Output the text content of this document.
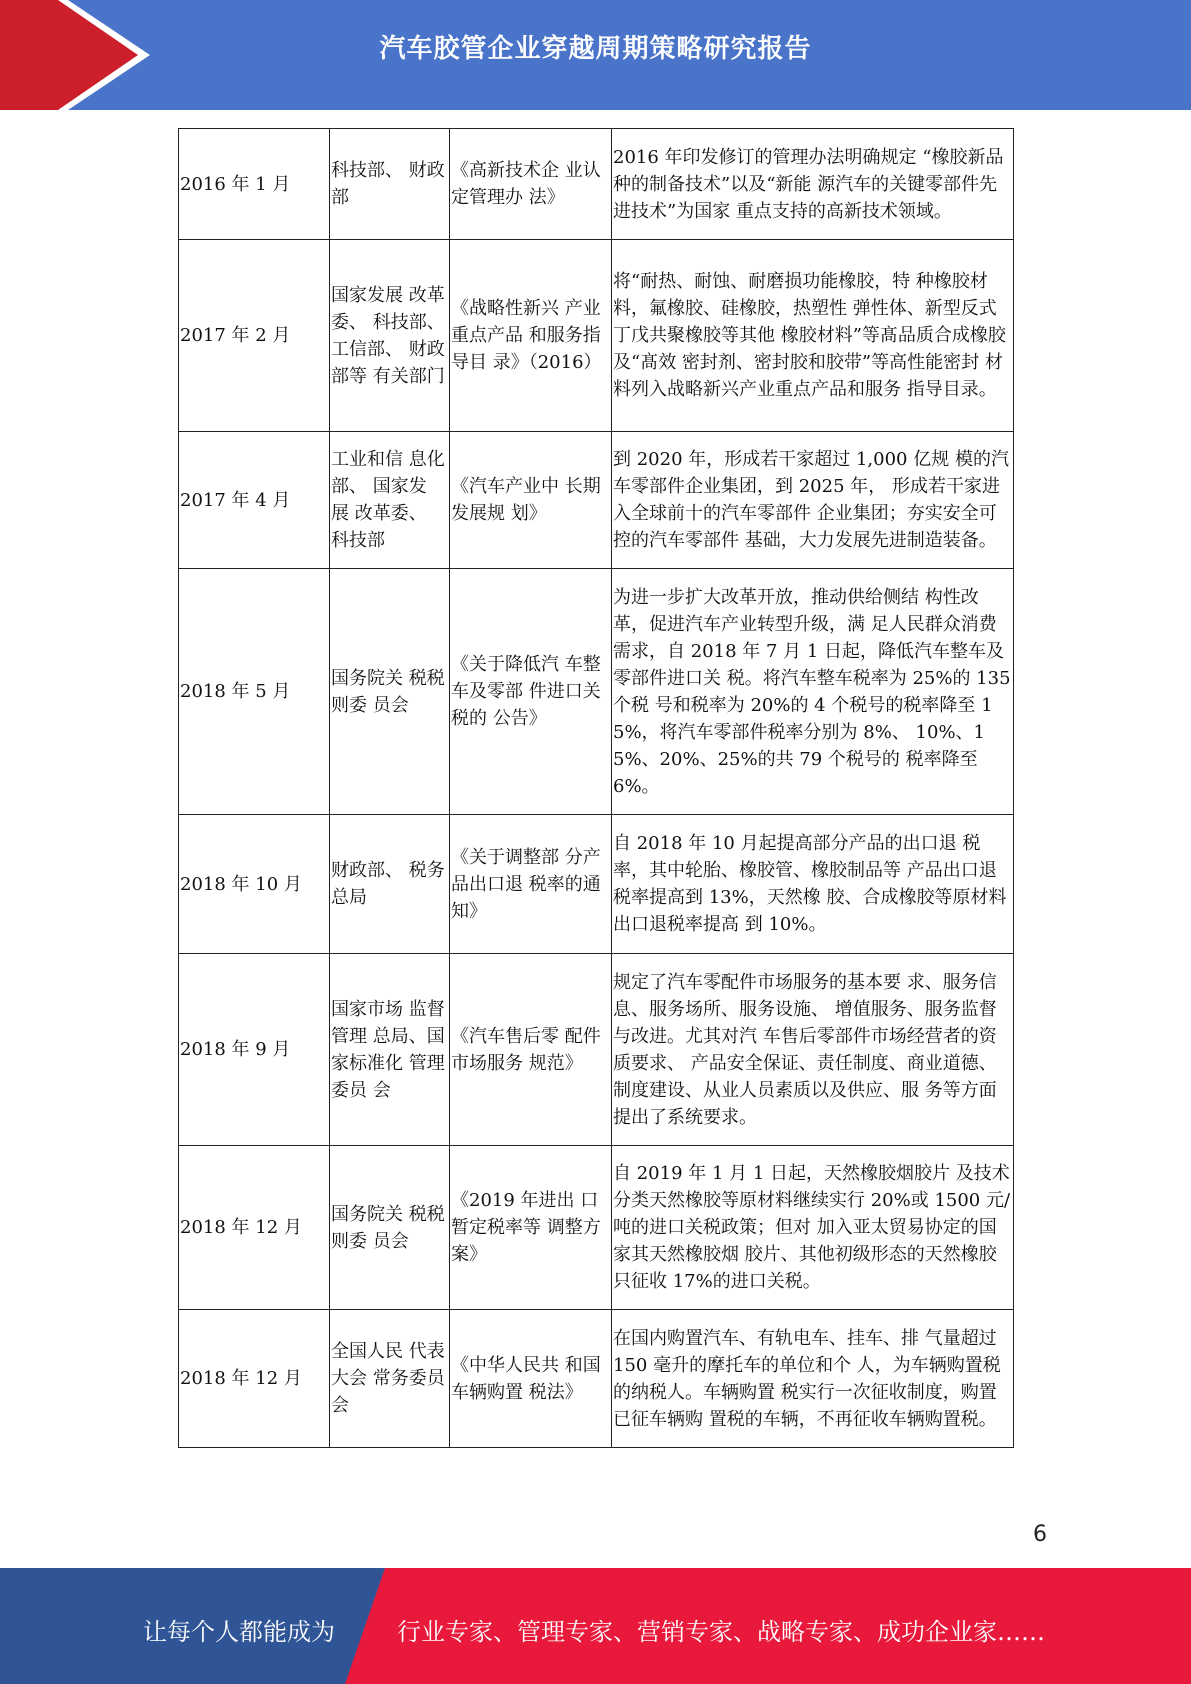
汽车胶管企业穿越周期策略研究报告
2016 年 1 月	科技部、 财政部	《高新技术企 业认定管理办 法》	2016 年印发修订的管理办法明确规定 “橡胶新品种的制备技术”以及“新能 源汽车的关键零部件先进技术”为国家 重点支持的高新技术领域。
2017 年 2 月	国家发展 改革委、 科技部、 工信部、 财政部等 有关部门	《战略性新兴 产业重点产品 和服务指导目 录》（2016）	将“耐热、耐蚀、耐磨损功能橡胶，特 种橡胶材料，氟橡胶、硅橡胶，热塑性 弹性体、新型反式丁戊共聚橡胶等其他 橡胶材料”等髙品质合成橡胶及“髙效 密封剂、密封胶和胶带”等高性能密封 材料列入战略新兴产业重点产品和服务 指导目录。
2017 年 4 月	工业和信 息化部、 国家发 展 改革委、 科技部	《汽车产业中 长期发展规 划》	到 2020 年，形成若干家超过 1,000 亿规 模的汽车零部件企业集团，到 2025 年， 形成若干家进入全球前十的汽车零部件 企业集团；夯实安全可控的汽车零部件 基础，大力发展先进制造装备。
2018 年 5 月	国务院关 税税则委 员会	《关于降低汽 车整车及零部 件进口关税的 公告》	为进一步扩大改革开放，推动供给侧结 构性改革，促进汽车产业转型升级，满 足人民群众消费需求，自 2018 年 7 月 1 日起，降低汽车整车及零部件进口关 税。将汽车整车税率为 25%的 135 个税 号和税率为 20%的 4 个税号的税率降至 15%，将汽车零部件税率分别为 8%、 10%、15%、20%、25%的共 79 个税号的 税率降至 6%。
2018 年 10 月	财政部、 税务总局	《关于调整部 分产品出口退 税率的通知》	自 2018 年 10 月起提高部分产品的出口退 税率，其中轮胎、橡胶管、橡胶制品等 产品出口退税率提高到 13%，天然橡 胶、合成橡胶等原材料出口退税率提高 到 10%。
2018 年 9 月	国家市场 监督管理 总局、国 家标准化 管理委员 会	《汽车售后零 配件市场服务 规范》	规定了汽车零配件市场服务的基本要 求、服务信息、服务场所、服务设施、 增值服务、服务监督与改进。尤其对汽 车售后零部件市场经营者的资质要求、 产品安全保证、责任制度、商业道德、 制度建设、从业人员素质以及供应、服 务等方面提出了系统要求。
2018 年 12 月	国务院关 税税则委 员会	《2019 年进出 口暂定税率等 调整方案》	自 2019 年 1 月 1 日起，天然橡胶烟胶片 及技术分类天然橡胶等原材料继续实行 20%或 1500 元/吨的进口关税政策；但对 加入亚太贸易协定的国家其天然橡胶烟 胶片、其他初级形态的天然橡胶只征收 17%的进口关税。
2018 年 12 月	全国人民 代表大会 常务委员 会	《中华人民共 和国车辆购置 税法》	在国内购置汽车、有轨电车、挂车、排 气量超过 150 毫升的摩托车的单位和个 人，为车辆购置税的纳税人。车辆购置 税实行一次征收制度，购置已征车辆购 置税的车辆，不再征收车辆购置税。
6
让每个人都能成为	行业专家、管理专家、营销专家、战略专家、成功企业家……
